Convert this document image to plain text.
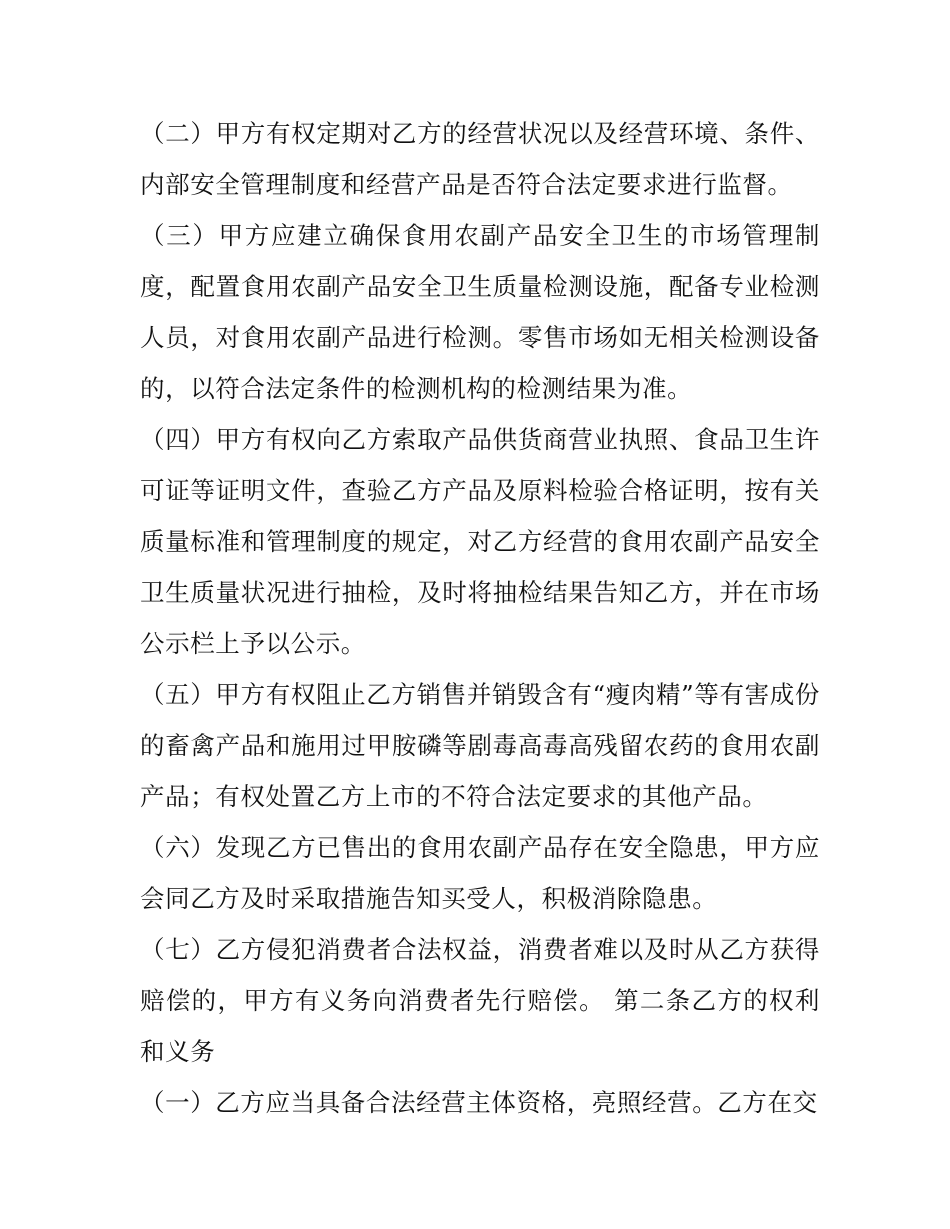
（二）甲方有权定期对乙方的经营状况以及经营环境、条件、内部安全管理制度和经营产品是否符合法定要求进行监督。

（三）甲方应建立确保食用农副产品安全卫生的市场管理制度，配置食用农副产品安全卫生质量检测设施，配备专业检测人员，对食用农副产品进行检测。零售市场如无相关检测设备的，以符合法定条件的检测机构的检测结果为准。

（四）甲方有权向乙方索取产品供货商营业执照、食品卫生许可证等证明文件，查验乙方产品及原料检验合格证明，按有关质量标准和管理制度的规定，对乙方经营的食用农副产品安全卫生质量状况进行抽检，及时将抽检结果告知乙方，并在市场公示栏上予以公示。

（五）甲方有权阻止乙方销售并销毁含有“瘦肉精”等有害成份的畜禽产品和施用过甲胺磷等剧毒高毒高残留农药的食用农副产品；有权处置乙方上市的不符合法定要求的其他产品。

（六）发现乙方已售出的食用农副产品存在安全隐患，甲方应会同乙方及时采取措施告知买受人，积极消除隐患。

（七）乙方侵犯消费者合法权益，消费者难以及时从乙方获得赔偿的，甲方有义务向消费者先行赔偿。 第二条乙方的权利和义务

（一）乙方应当具备合法经营主体资格，亮照经营。乙方在交
